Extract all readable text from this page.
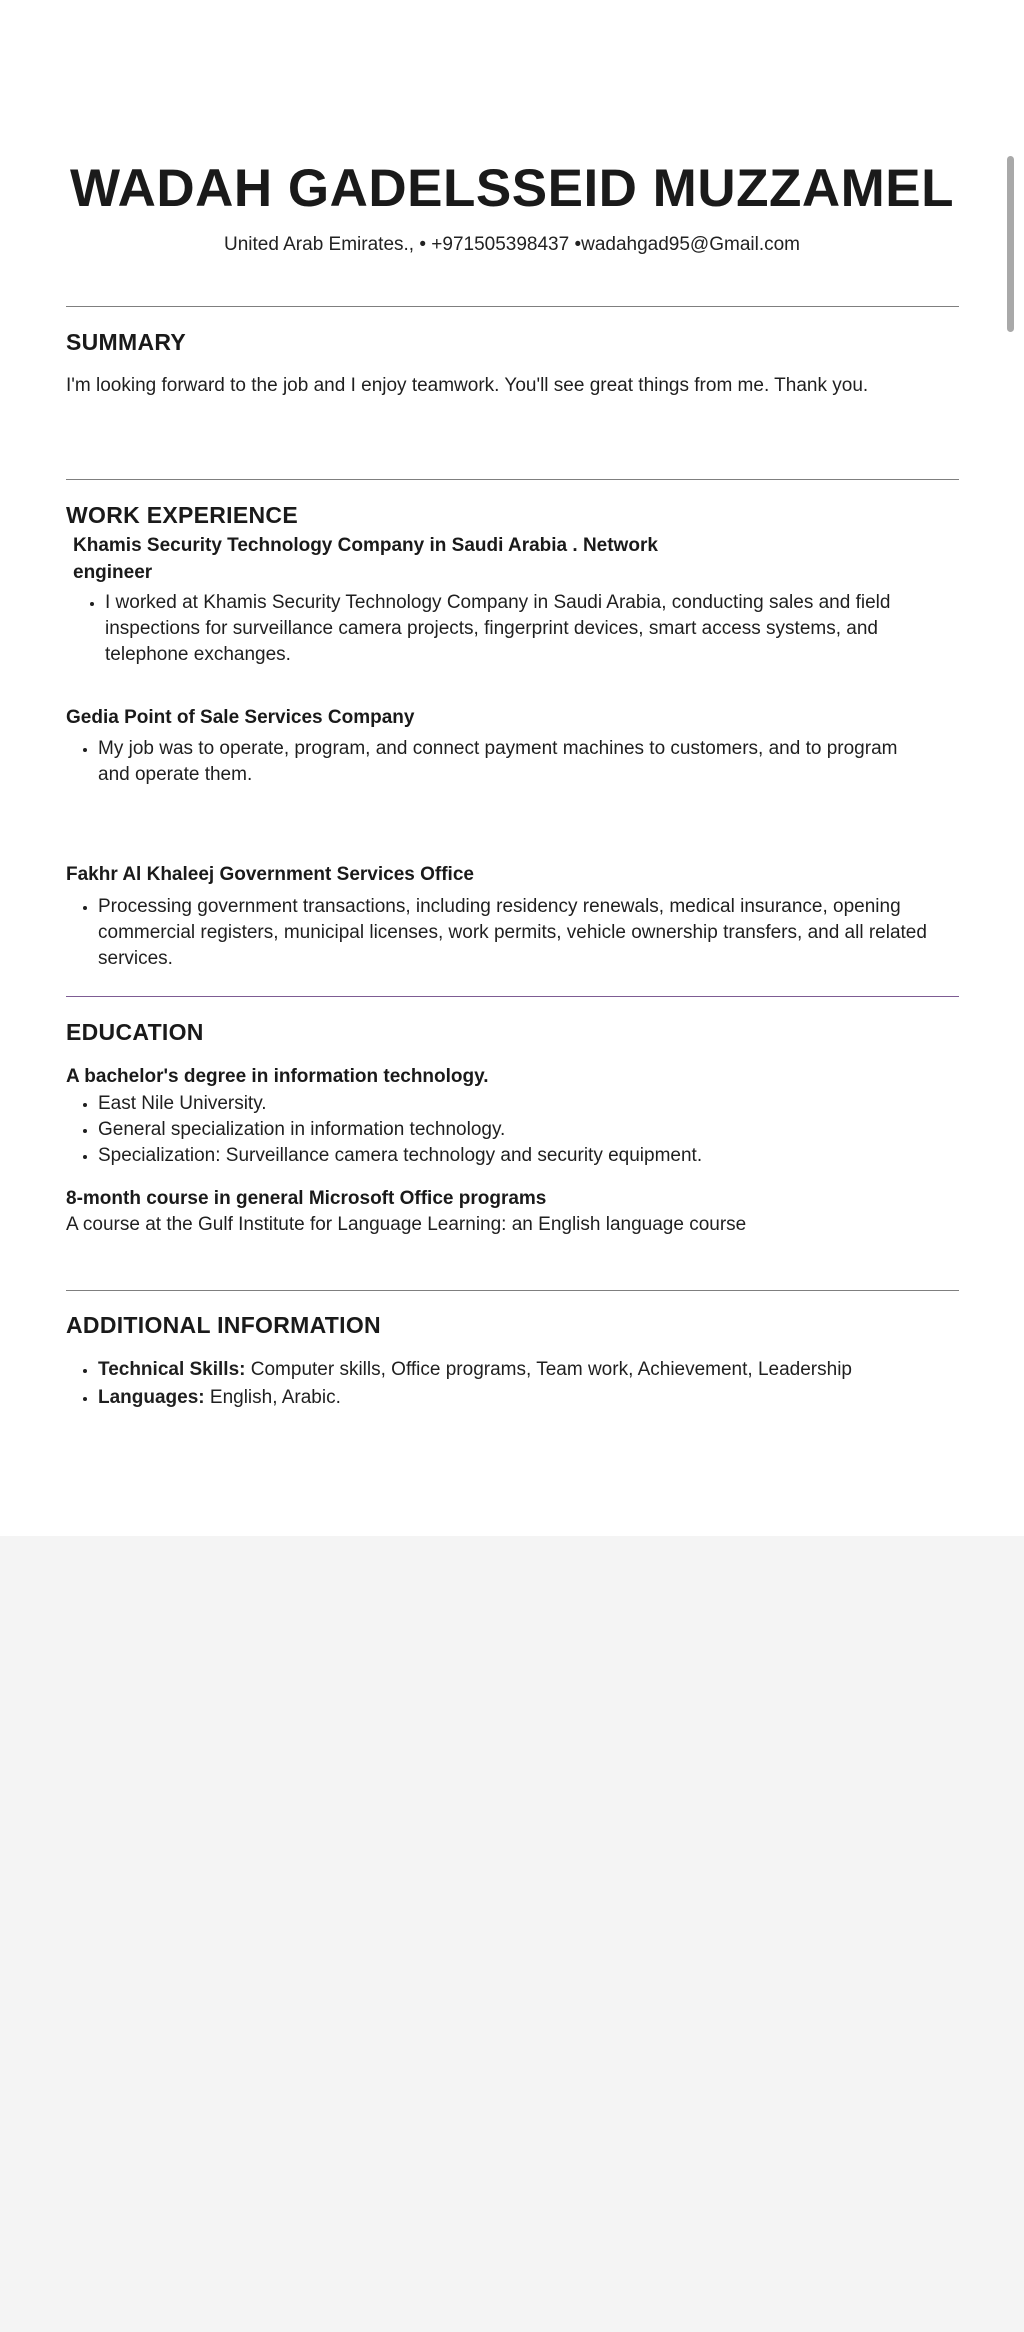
WADAH GADELSSEID MUZZAMEL
United Arab Emirates., • +971505398437 •wadahgad95@Gmail.com
SUMMARY
I'm looking forward to the job and I enjoy teamwork. You'll see great things from me. Thank you.
WORK EXPERIENCE
Khamis Security Technology Company in Saudi Arabia . Network engineer
• I worked at Khamis Security Technology Company in Saudi Arabia, conducting sales and field inspections for surveillance camera projects, fingerprint devices, smart access systems, and telephone exchanges.
Gedia Point of Sale Services Company
• My job was to operate, program, and connect payment machines to customers, and to program and operate them.
Fakhr Al Khaleej Government Services Office
• Processing government transactions, including residency renewals, medical insurance, opening commercial registers, municipal licenses, work permits, vehicle ownership transfers, and all related services.
EDUCATION
A bachelor's degree in information technology.
• East Nile University.
• General specialization in information technology.
• Specialization: Surveillance camera technology and security equipment.
8-month course in general Microsoft Office programs
A course at the Gulf Institute for Language Learning: an English language course
ADDITIONAL INFORMATION
• Technical Skills: Computer skills, Office programs, Team work, Achievement, Leadership
• Languages: English, Arabic.
